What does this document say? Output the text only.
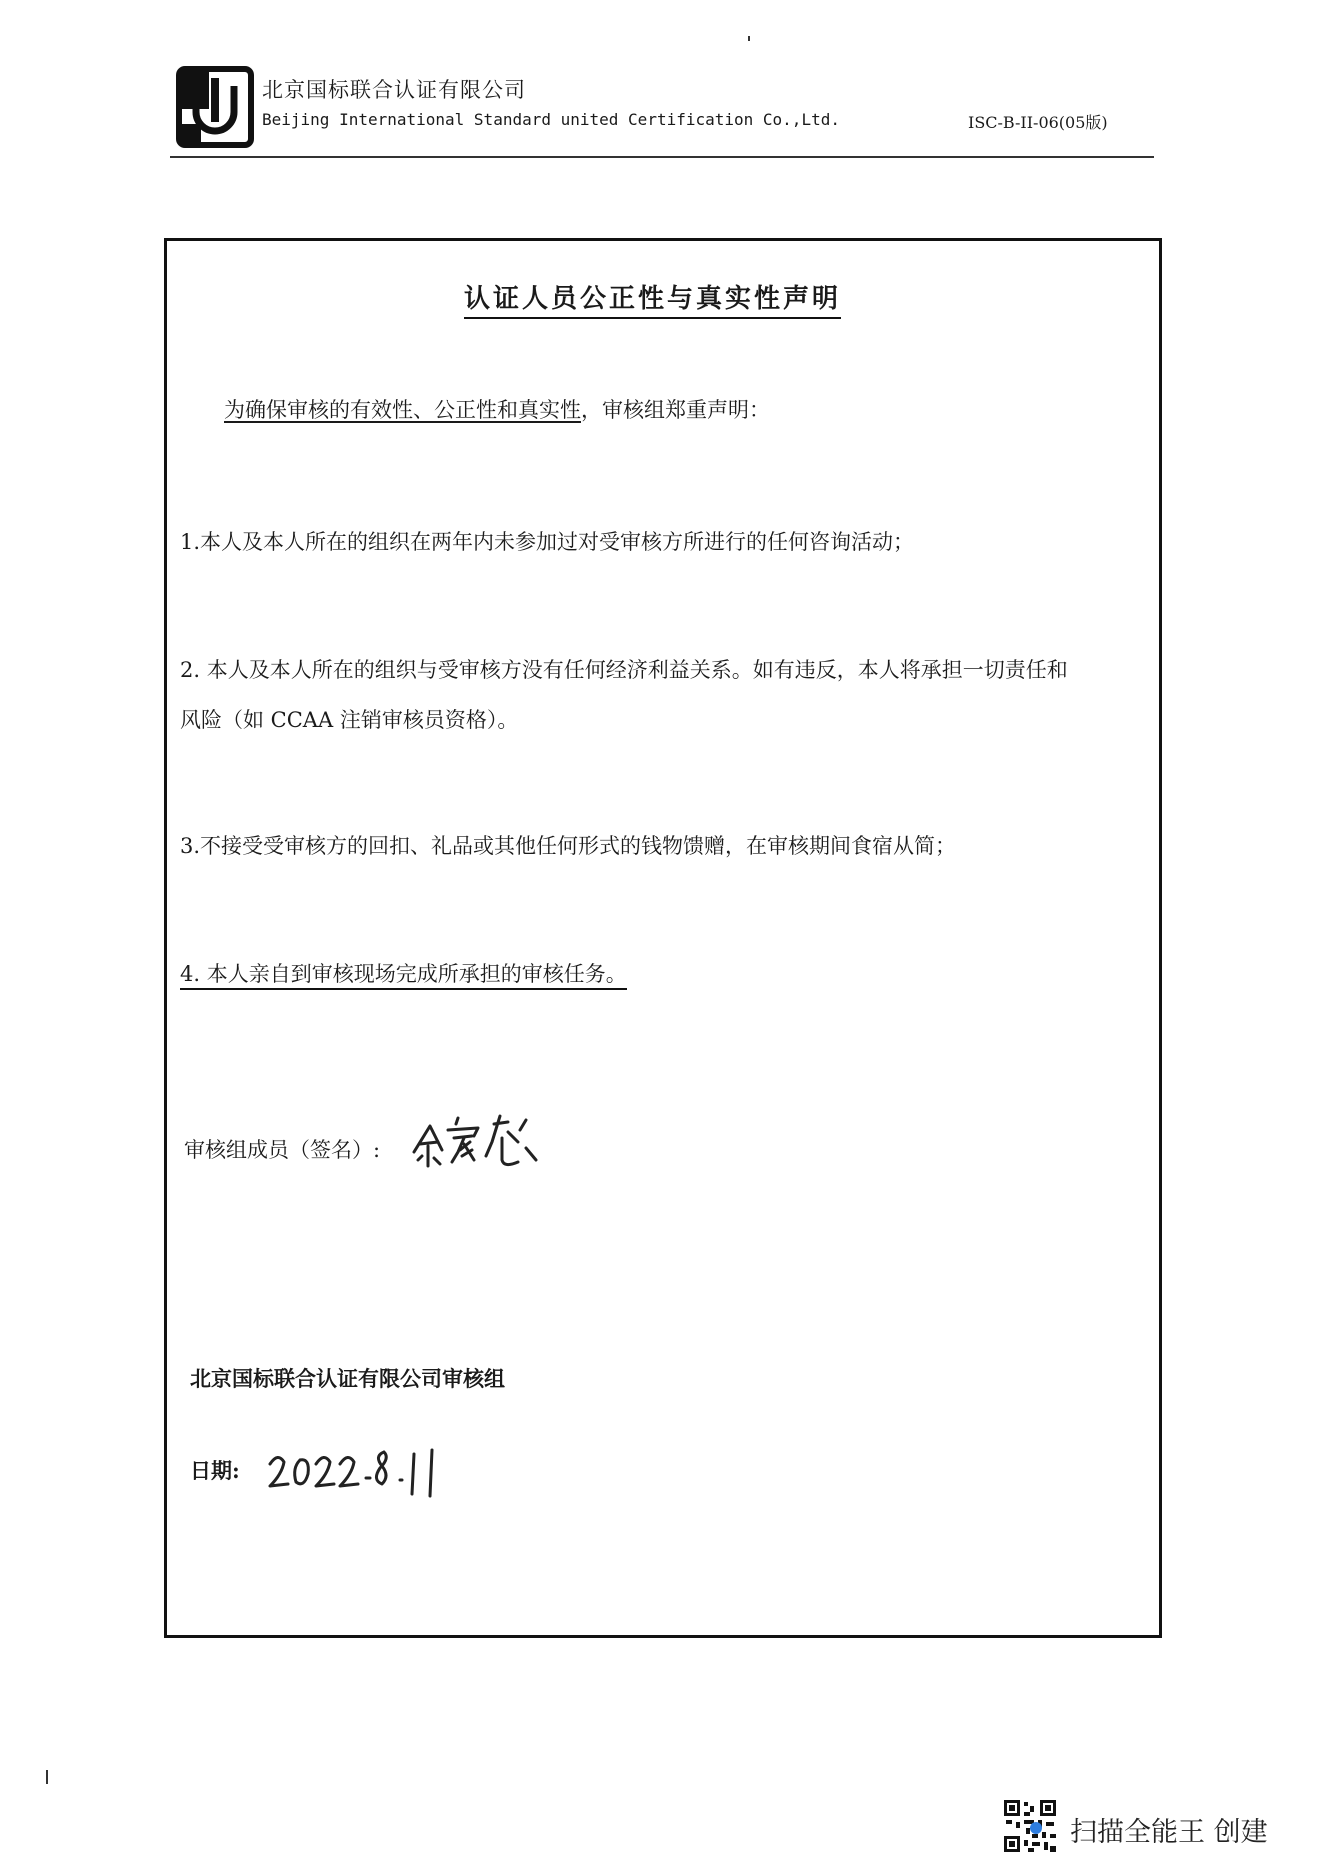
北京国标联合认证有限公司
Beijing International Standard united Certification Co.,Ltd.	ISC-B-II-06(05版)
认证人员公正性与真实性声明
为确保审核的有效性、公正性和真实性，审核组郑重声明：
1.本人及本人所在的组织在两年内未参加过对受审核方所进行的任何咨询活动；
2. 本人及本人所在的组织与受审核方没有任何经济利益关系。如有违反，本人将承担一切责任和
风险（如 CCAA 注销审核员资格）。
3.不接受受审核方的回扣、礼品或其他任何形式的钱物馈赠，在审核期间食宿从简；
4. 本人亲自到审核现场完成所承担的审核任务。
审核组成员（签名）:
北京国标联合认证有限公司审核组
日期:
扫描全能王 创建
